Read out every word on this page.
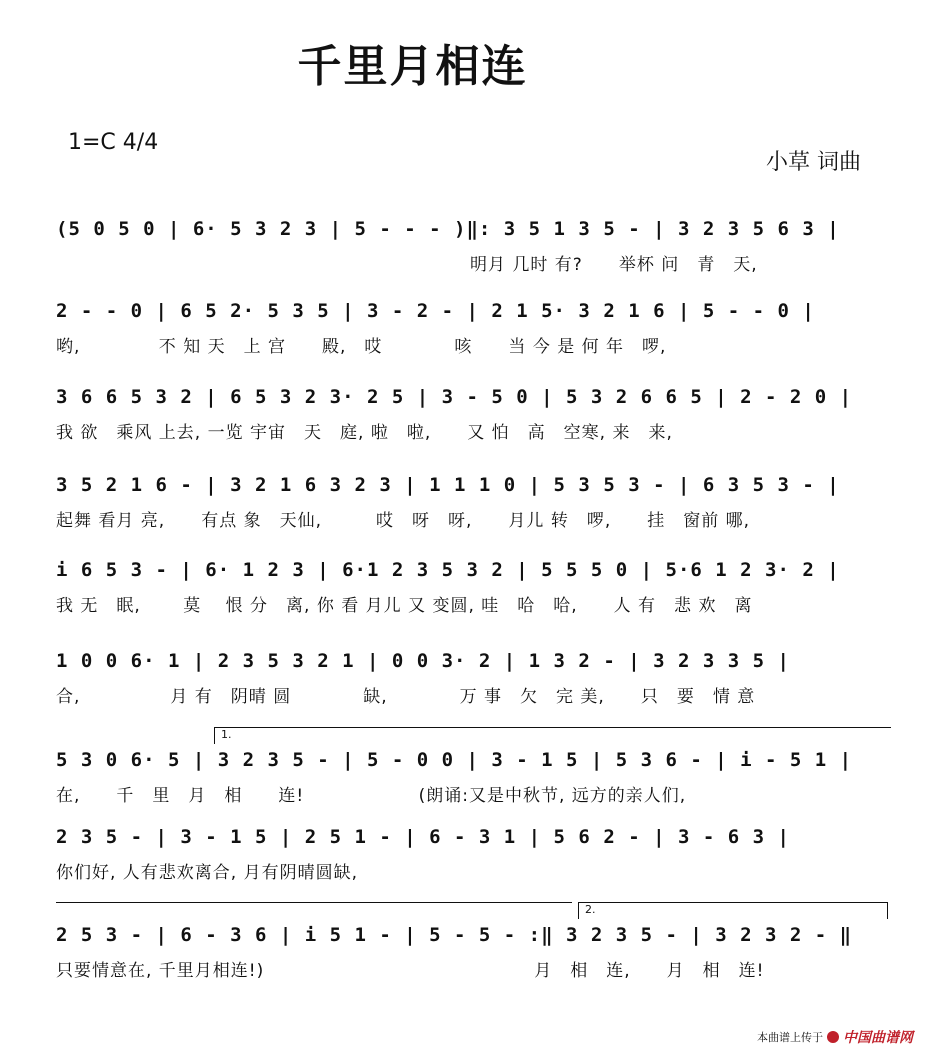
千里月相连
1=C 4/4
小草 词曲
(5 0 5 0 | 6· 5 3 2 3 | 5 - - - )‖: 3 5 1 3 5 - | 3 2 3 5 6 3 |
　　　　　　　　　　　　　　　　　　　　　　　明月 几时 有?　　举杯 问　青　天,
2 - - 0 | 6 5 2· 5 3 5 | 3 - 2 - | 2 1 5· 3 2 1 6 | 5 - - 0 |
哟,　　　　 不 知 天　上 宫　　殿,　哎　　　　咳　　当 今 是 何 年　啰,
3 6 6 5 3 2 | 6 5 3 2 3· 2 5 | 3 - 5 0 | 5 3 2 6 6 5 | 2 - 2 0 |
我 欲　乘风 上去, 一览 宇宙　天　庭, 啦　啦,　　又 怕　高　空寒, 来　来,
3 5 2 1 6 - | 3 2 1 6 3 2 3 | 1 1 1 0 | 5 3 5 3 - | 6 3 5 3 - |
起舞 看月 亮,　　有点 象　天仙,　　　哎　呀　呀,　　月儿 转　啰,　　挂　窗前 哪,
i 6 5 3 - | 6· 1 2 3 | 6·1 2 3 5 3 2 | 5 5 5 0 | 5·6 1 2 3· 2 |
我 无　眠,　　 莫　 恨 分　离, 你 看 月儿 又 变圆, 哇　哈　哈,　　人 有　悲 欢　离
1 0 0 6· 1 | 2 3 5 3 2 1 | 0 0 3· 2 | 1 3 2 - | 3 2 3 3 5 |
合,　　　　　月 有　阴晴 圆　　　　缺,　　　　万 事　欠　完 美,　　只　要　情 意
1.
5 3 0 6· 5 | 3 2 3 5 - | 5 - 0 0 | 3 - 1 5 | 5 3 6 - | i - 5 1 |
在,　　千　里　月　相　　连!　　　　　　 (朗诵:又是中秋节, 远方的亲人们,
2 3 5 - | 3 - 1 5 | 2 5 1 - | 6 - 3 1 | 5 6 2 - | 3 - 6 3 |
你们好, 人有悲欢离合, 月有阴晴圆缺,
2.
2 5 3 - | 6 - 3 6 | i 5 1 - | 5 - 5 - :‖ 3 2 3 5 - | 3 2 3 2 - ‖
只要情意在, 千里月相连!)　　　　　　　　　　　　　　　月　相　连,　　月　相　连!
本曲谱上传于 中国曲谱网
